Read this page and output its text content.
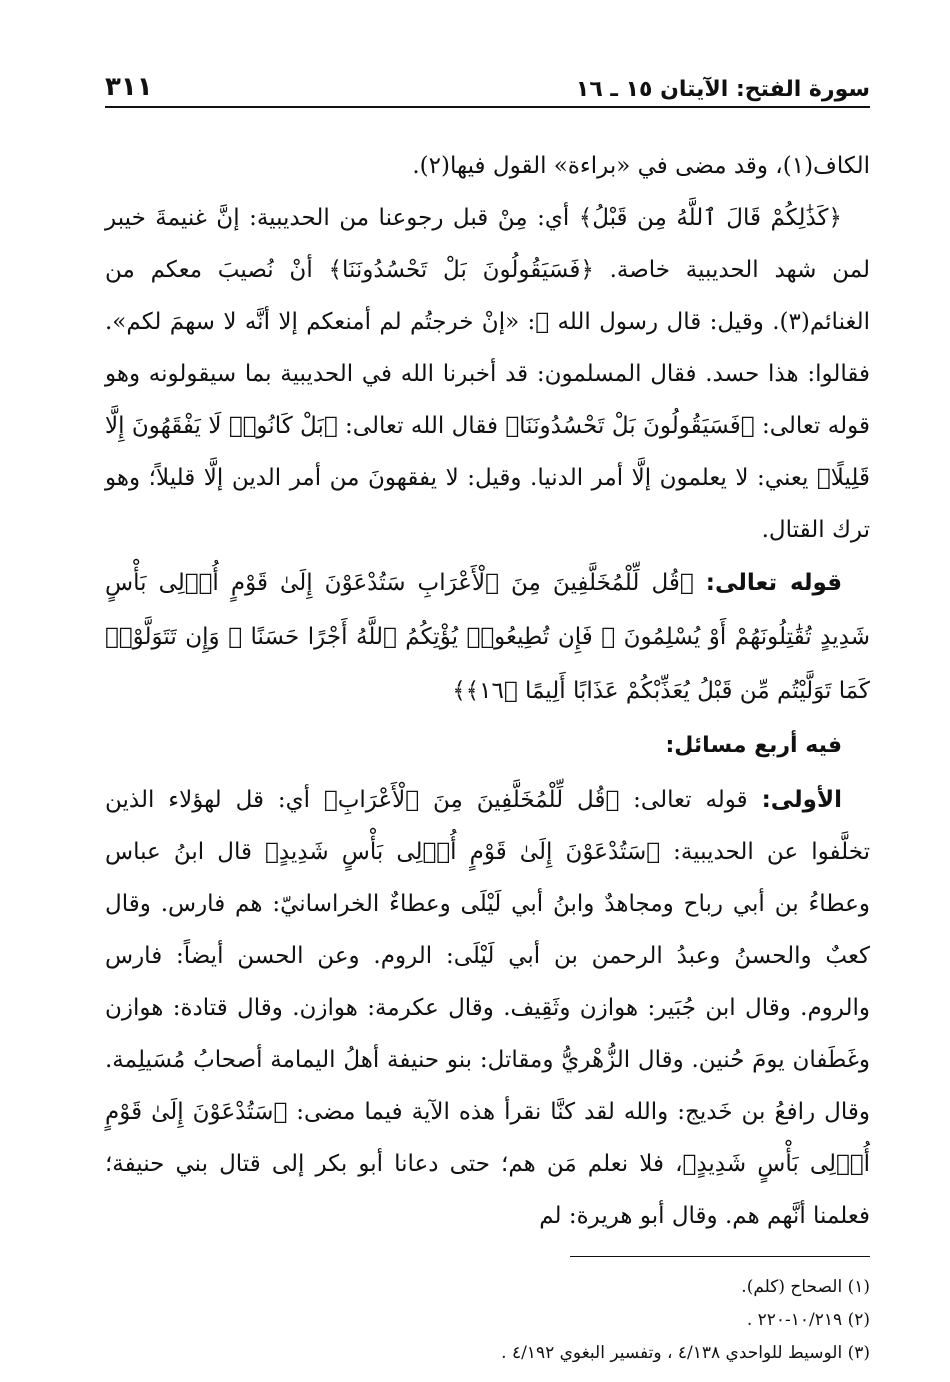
سورة الفتح: الآيتان ١٥ ـ ١٦
٣١١

الكاف(١)، وقد مضى في «براءة» القول فيها(٢).

﴿كَذَٰلِكُمْ قَالَ ٱللَّهُ مِن قَبْلُ﴾ أي: مِنْ قبل رجوعنا من الحديبية: إنَّ غنيمةَ خيبر لمن شهد الحديبية خاصة. ﴿فَسَيَقُولُونَ بَلْ تَحْسُدُونَنَا﴾ أنْ نُصيبَ معكم من الغنائم(٣). وقيل: قال رسول الله ﷺ: «إنْ خرجتُم لم أمنعكم إلا أنَّه لا سهمَ لكم». فقالوا: هذا حسد. فقال المسلمون: قد أخبرنا الله في الحديبية بما سيقولونه وهو قوله تعالى: ﴿فَسَيَقُولُونَ بَلْ تَحْسُدُونَنَا﴾ فقال الله تعالى: ﴿بَلْ كَانُوا۟ لَا يَفْقَهُونَ إِلَّا قَلِيلًا﴾ يعني: لا يعلمون إلَّا أمر الدنيا. وقيل: لا يفقهونَ من أمر الدين إلَّا قليلاً؛ وهو ترك القتال.

قوله تعالى: ﴿قُل لِّلْمُخَلَّفِينَ مِنَ ٱلْأَعْرَابِ سَتُدْعَوْنَ إِلَىٰ قَوْمٍ أُو۟لِى بَأْسٍ شَدِيدٍ تُقَٰتِلُونَهُمْ أَوْ يُسْلِمُونَ ۖ فَإِن تُطِيعُوا۟ يُؤْتِكُمُ ٱللَّهُ أَجْرًا حَسَنًا ۖ وَإِن تَتَوَلَّوْا۟ كَمَا تَوَلَّيْتُم مِّن قَبْلُ يُعَذِّبْكُمْ عَذَابًا أَلِيمًا ﴿١٦﴾﴾

فيه أربع مسائل:

الأولى: قوله تعالى: ﴿قُل لِّلْمُخَلَّفِينَ مِنَ ٱلْأَعْرَابِ﴾ أي: قل لهؤلاء الذين تخلَّفوا عن الحديبية: ﴿سَتُدْعَوْنَ إِلَىٰ قَوْمٍ أُو۟لِى بَأْسٍ شَدِيدٍ﴾ قال ابنُ عباس وعطاءُ بن أبي رباح ومجاهدٌ وابنُ أبي لَيْلَى وعطاءٌ الخراسانيّ: هم فارس. وقال كعبٌ والحسنُ وعبدُ الرحمن بن أبي لَيْلَى: الروم. وعن الحسن أيضاً: فارس والروم. وقال ابن جُبَير: هوازن وثَقِيف. وقال عكرمة: هوازن. وقال قتادة: هوازن وغَطَفان يومَ حُنين. وقال الزُّهْريُّ ومقاتل: بنو حنيفة أهلُ اليمامة أصحابُ مُسَيلِمة. وقال رافعُ بن خَديج: والله لقد كنَّا نقرأ هذه الآية فيما مضى: ﴿سَتُدْعَوْنَ إِلَىٰ قَوْمٍ أُو۟لِى بَأْسٍ شَدِيدٍ﴾، فلا نعلم مَن هم؛ حتى دعانا أبو بكر إلى قتال بني حنيفة؛ فعلمنا أنَّهم هم. وقال أبو هريرة: لم

(١) الصحاح (كلم).
(٢) ١٠/٢١٩-٢٢٠ .
(٣) الوسيط للواحدي ٤/١٣٨ ، وتفسير البغوي ٤/١٩٢ .
